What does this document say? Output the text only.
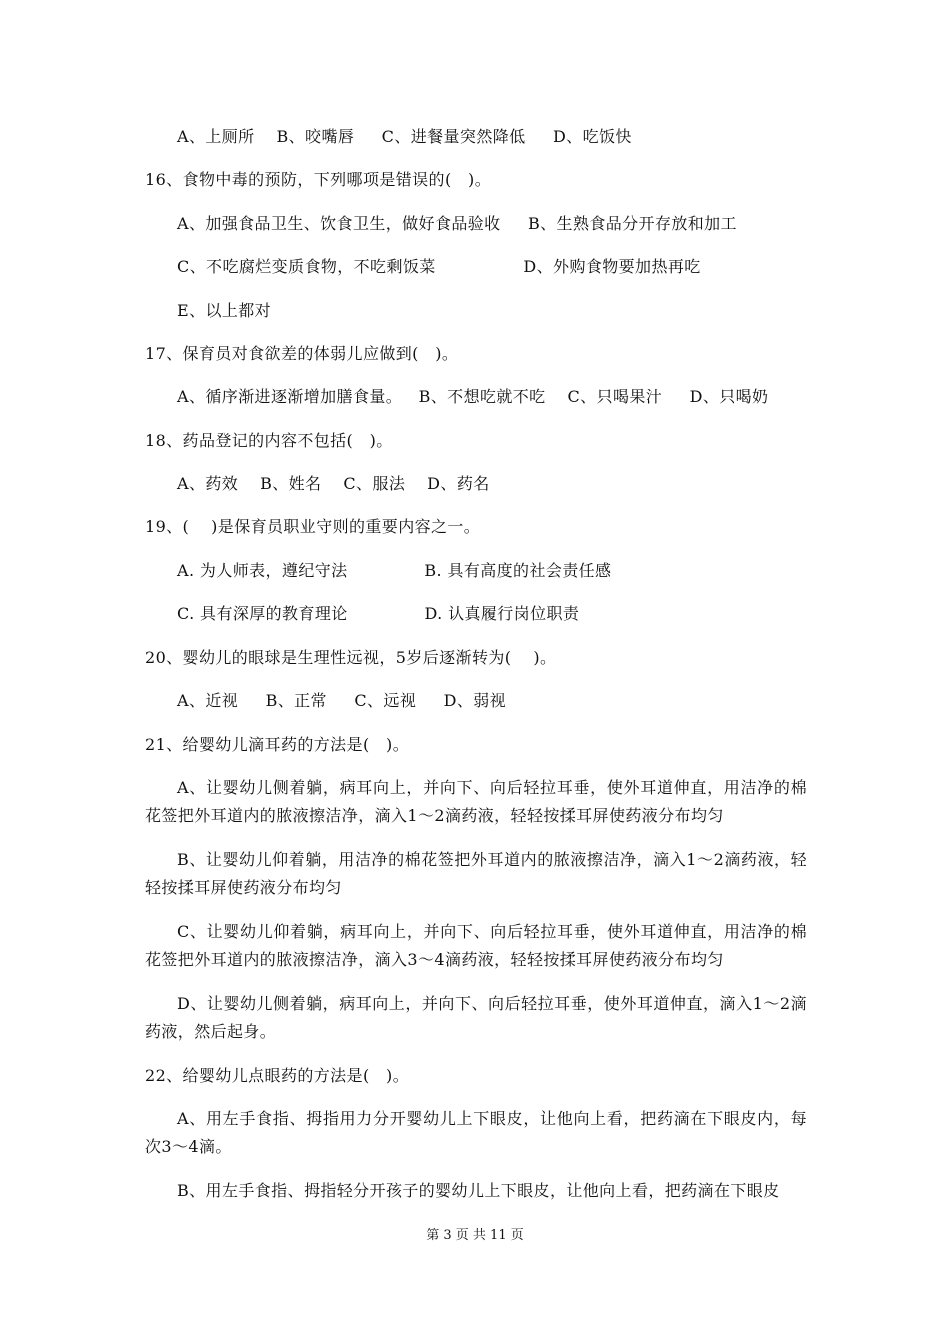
A、上厕所    B、咬嘴唇     C、进餐量突然降低     D、吃饭快
16、食物中毒的预防，下列哪项是错误的(   )。
A、加强食品卫生、饮食卫生，做好食品验收     B、生熟食品分开存放和加工
C、不吃腐烂变质食物，不吃剩饭菜                D、外购食物要加热再吃
E、以上都对
17、保育员对食欲差的体弱儿应做到(   )。
A、循序渐进逐渐增加膳食量。   B、不想吃就不吃    C、只喝果汁     D、只喝奶
18、药品登记的内容不包括(   )。
A、药效    B、姓名    C、服法    D、药名
19、(    )是保育员职业守则的重要内容之一。
A. 为人师表，遵纪守法              B. 具有高度的社会责任感
C. 具有深厚的教育理论              D. 认真履行岗位职责
20、婴幼儿的眼球是生理性远视，5岁后逐渐转为(    )。
A、近视     B、正常     C、远视     D、弱视
21、给婴幼儿滴耳药的方法是(   )。
A、让婴幼儿侧着躺，病耳向上，并向下、向后轻拉耳垂，使外耳道伸直，用洁净的棉花签把外耳道内的脓液擦洁净，滴入1～2滴药液，轻轻按揉耳屏使药液分布均匀
B、让婴幼儿仰着躺，用洁净的棉花签把外耳道内的脓液擦洁净，滴入1～2滴药液，轻轻按揉耳屏使药液分布均匀
C、让婴幼儿仰着躺，病耳向上，并向下、向后轻拉耳垂，使外耳道伸直，用洁净的棉花签把外耳道内的脓液擦洁净，滴入3～4滴药液，轻轻按揉耳屏使药液分布均匀
D、让婴幼儿侧着躺，病耳向上，并向下、向后轻拉耳垂，使外耳道伸直，滴入1～2滴药液，然后起身。
22、给婴幼儿点眼药的方法是(   )。
A、用左手食指、拇指用力分开婴幼儿上下眼皮，让他向上看，把药滴在下眼皮内，每次3～4滴。
B、用左手食指、拇指轻分开孩子的婴幼儿上下眼皮，让他向上看，把药滴在下眼皮
第 3 页 共 11 页
